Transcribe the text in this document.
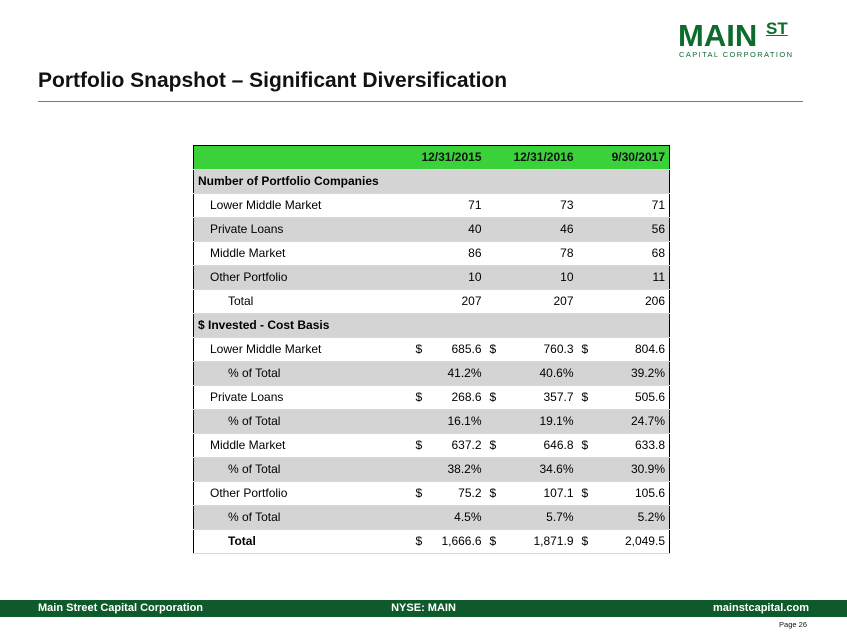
MAIN ST
CAPITAL CORPORATION
Portfolio Snapshot – Significant Diversification
	12/31/2015	12/31/2016	9/30/2017
Number of Portfolio Companies			
Lower Middle Market	71	73	71
Private Loans	40	46	56
Middle Market	86	78	68
Other Portfolio	10	10	11
Total	207	207	206
$ Invested - Cost Basis			
Lower Middle Market	$ 685.6	$ 760.3	$ 804.6
% of Total	41.2%	40.6%	39.2%
Private Loans	$ 268.6	$ 357.7	$ 505.6
% of Total	16.1%	19.1%	24.7%
Middle Market	$ 637.2	$ 646.8	$ 633.8
% of Total	38.2%	34.6%	30.9%
Other Portfolio	$ 75.2	$ 107.1	$ 105.6
% of Total	4.5%	5.7%	5.2%
Total	$ 1,666.6	$ 1,871.9	$ 2,049.5
NYSE: MAIN
Main Street Capital Corporation	mainstcapital.com
Page 26
